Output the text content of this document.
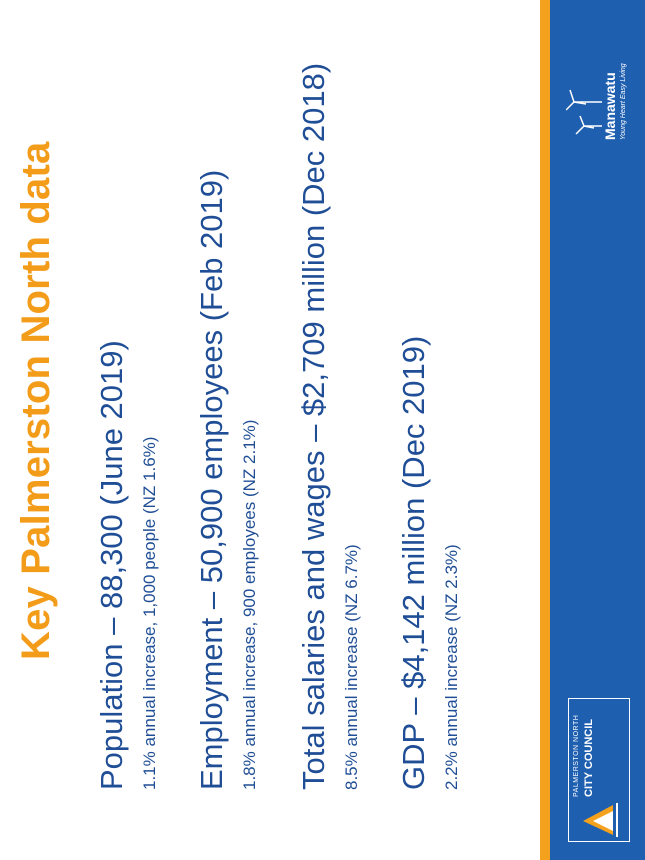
Key Palmerston North data Population – 88,300 (June 2019) 1.1% annual increase, 1,000 people (NZ 1.6%) Employment – 50,900 employees (Feb 2019) 1.8% annual increase, 900 employees (NZ 2.1%) Total salaries and wages – $2,709 million (Dec 2018) 8.5% annual increase (NZ 6.7%) GDP – $4,142 million (Dec 2019) 2.2% annual increase (NZ 2.3%)	PALMERSTON NORTH CITY COUNCIL
Manawatu Young Heart Easy Living
